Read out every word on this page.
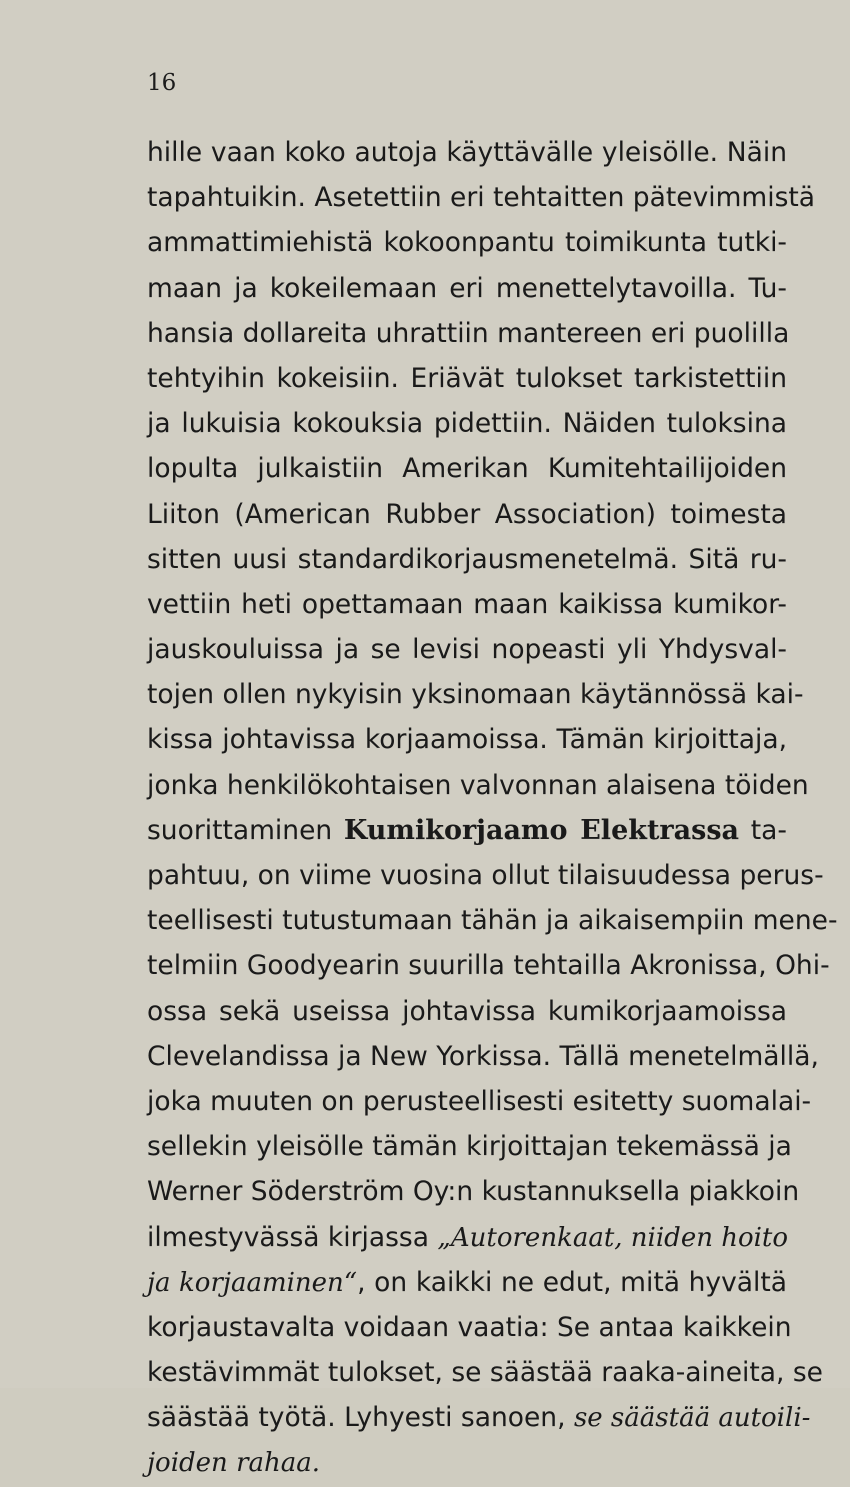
16
hille vaan koko autoja käyttävälle yleisölle. Näin
tapahtuikin. Asetettiin eri tehtaitten pätevimmistä
ammattimiehistä kokoonpantu toimikunta tutki-
maan ja kokeilemaan eri menettelytavoilla. Tu-
hansia dollareita uhrattiin mantereen eri puolilla
tehtyihin kokeisiin. Eriävät tulokset tarkistettiin
ja lukuisia kokouksia pidettiin. Näiden tuloksina
lopulta julkaistiin Amerikan Kumitehtailijoiden
Liiton (American Rubber Association) toimesta
sitten uusi standardikorjausmenetelmä. Sitä ru-
vettiin heti opettamaan maan kaikissa kumikor-
jauskouluissa ja se levisi nopeasti yli Yhdysval-
tojen ollen nykyisin yksinomaan käytännössä kai-
kissa johtavissa korjaamoissa. Tämän kirjoittaja,
jonka henkilökohtaisen valvonnan alaisena töiden
suorittaminen Kumikorjaamo Elektrassa ta-
pahtuu, on viime vuosina ollut tilaisuudessa perus-
teellisesti tutustumaan tähän ja aikaisempiin mene-
telmiin Goodyearin suurilla tehtailla Akronissa, Ohi-
ossa sekä useissa johtavissa kumikorjaamoissa
Clevelandissa ja New Yorkissa. Tällä menetelmällä,
joka muuten on perusteellisesti esitetty suomalai-
sellekin yleisölle tämän kirjoittajan tekemässä ja
Werner Söderström Oy:n kustannuksella piakkoin
ilmestyvässä kirjassa „Autorenkaat, niiden hoito
ja korjaaminen“, on kaikki ne edut, mitä hyvältä
korjaustavalta voidaan vaatia: Se antaa kaikkein
kestävimmät tulokset, se säästää raaka-aineita, se
säästää työtä. Lyhyesti sanoen, se säästää autoili-
joiden rahaa.
